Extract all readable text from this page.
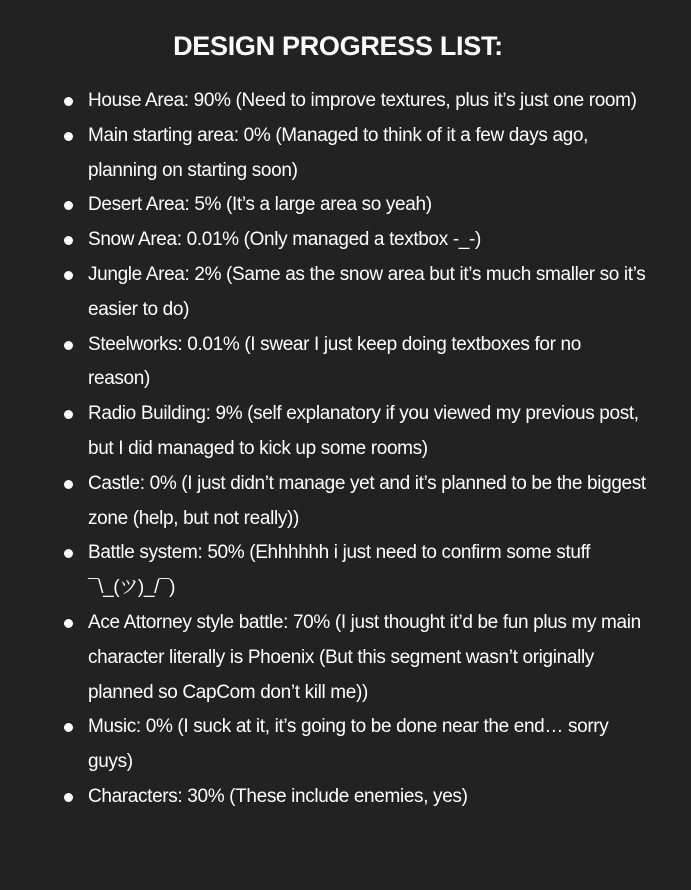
DESIGN PROGRESS LIST:
House Area: 90% (Need to improve textures, plus it’s just one room)
Main starting area: 0% (Managed to think of it a few days ago, planning on starting soon)
Desert Area: 5% (It’s a large area so yeah)
Snow Area: 0.01% (Only managed a textbox -_-)
Jungle Area: 2% (Same as the snow area but it’s much smaller so it’s easier to do)
Steelworks: 0.01% (I swear I just keep doing textboxes for no reason)
Radio Building: 9% (self explanatory if you viewed my previous post, but I did managed to kick up some rooms)
Castle: 0% (I just didn’t manage yet and it’s planned to be the biggest zone (help, but not really))
Battle system: 50% (Ehhhhhh i just need to confirm some stuff ¯\_(ツ)_/¯)
Ace Attorney style battle: 70% (I just thought it’d be fun plus my main character literally is Phoenix (But this segment wasn’t originally planned so CapCom don’t kill me))
Music: 0% (I suck at it, it’s going to be done near the end… sorry guys)
Characters: 30% (These include enemies, yes)
